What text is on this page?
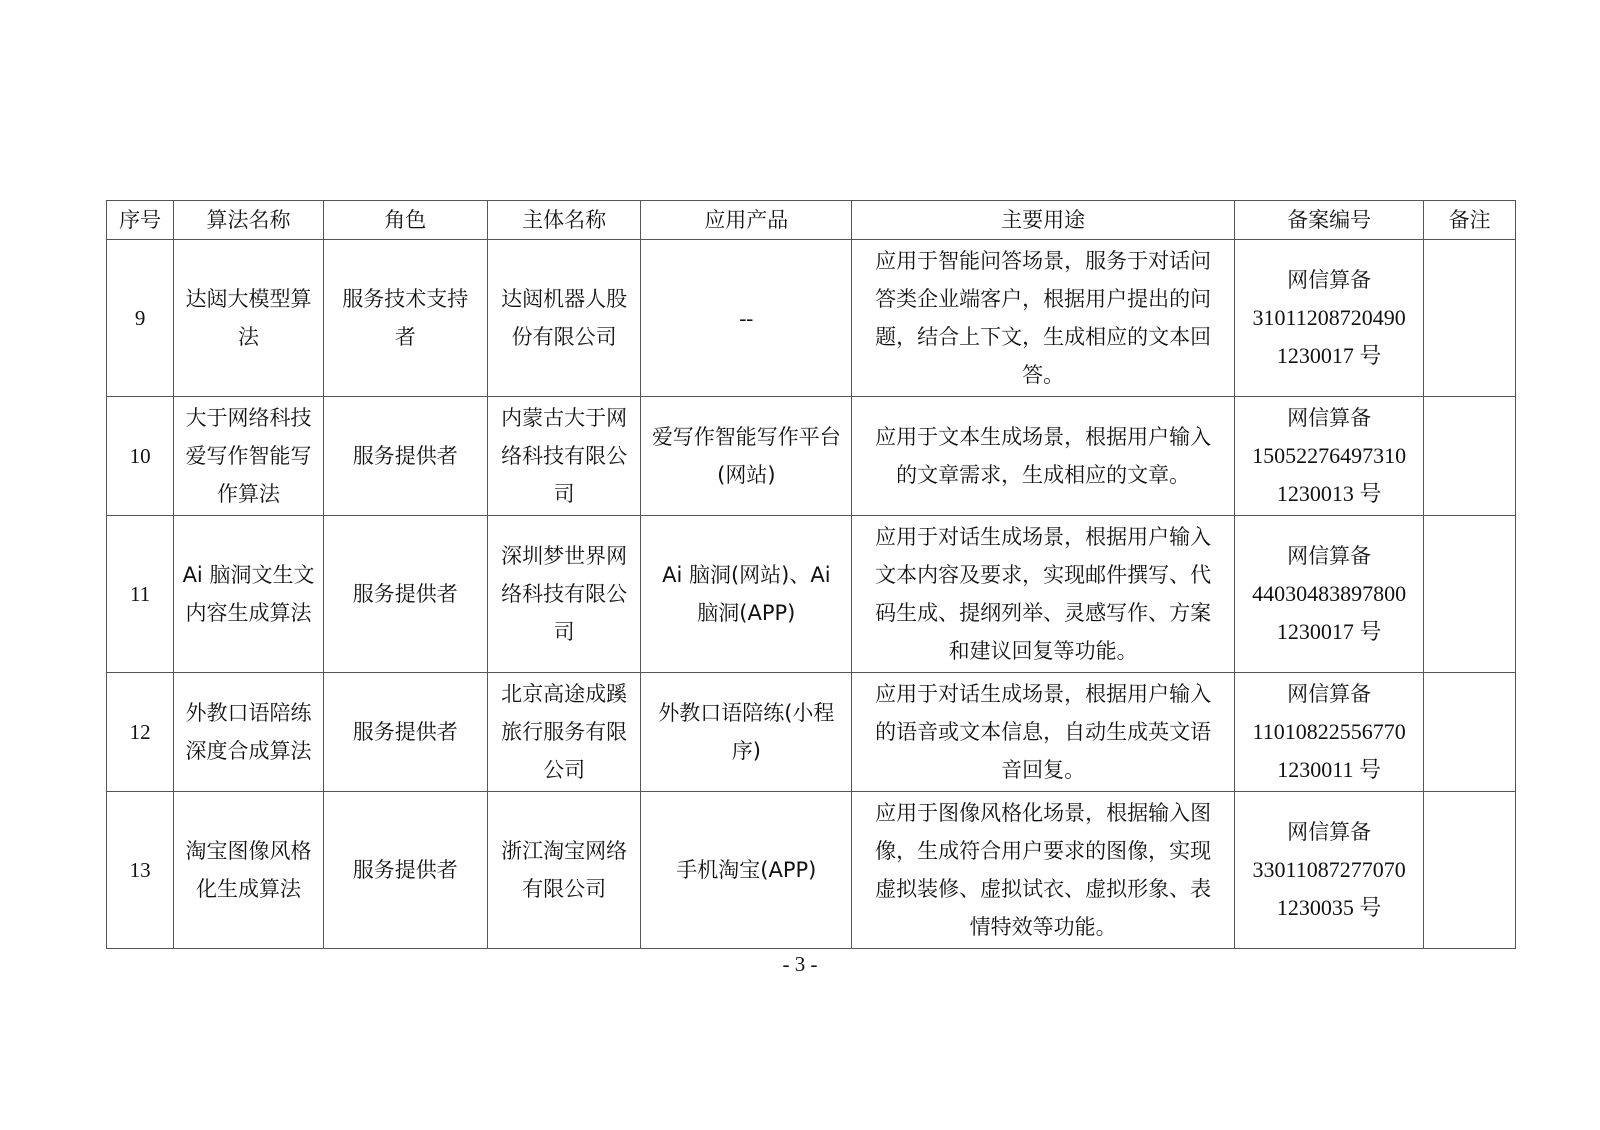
序号	算法名称	角色	主体名称	应用产品	主要用途	备案编号	备注
9	达闼大模型算法	服务技术支持者	达闼机器人股份有限公司	--	应用于智能问答场景，服务于对话问答类企业端客户，根据用户提出的问题，结合上下文，生成相应的文本回答。	网信算备
31011208720490
1230017 号	

10	大于网络科技爱写作智能写作算法	服务提供者	内蒙古大于网络科技有限公司	爱写作智能写作平台(网站)	应用于文本生成场景，根据用户输入的文章需求，生成相应的文章。	网信算备
15052276497310
1230013 号	

11	Ai 脑洞文生文内容生成算法	服务提供者	深圳梦世界网络科技有限公司	Ai 脑洞(网站)、Ai 脑洞(APP)	应用于对话生成场景，根据用户输入文本内容及要求，实现邮件撰写、代码生成、提纲列举、灵感写作、方案和建议回复等功能。	网信算备
44030483897800
1230017 号	

12	外教口语陪练深度合成算法	服务提供者	北京高途成蹊旅行服务有限公司	外教口语陪练(小程序)	应用于对话生成场景，根据用户输入的语音或文本信息，自动生成英文语音回复。	网信算备
11010822556770
1230011 号	

13	淘宝图像风格化生成算法	服务提供者	浙江淘宝网络有限公司	手机淘宝(APP)	应用于图像风格化场景，根据输入图像，生成符合用户要求的图像，实现虚拟装修、虚拟试衣、虚拟形象、表情特效等功能。	网信算备
33011087277070
1230035 号	

- 3 -
